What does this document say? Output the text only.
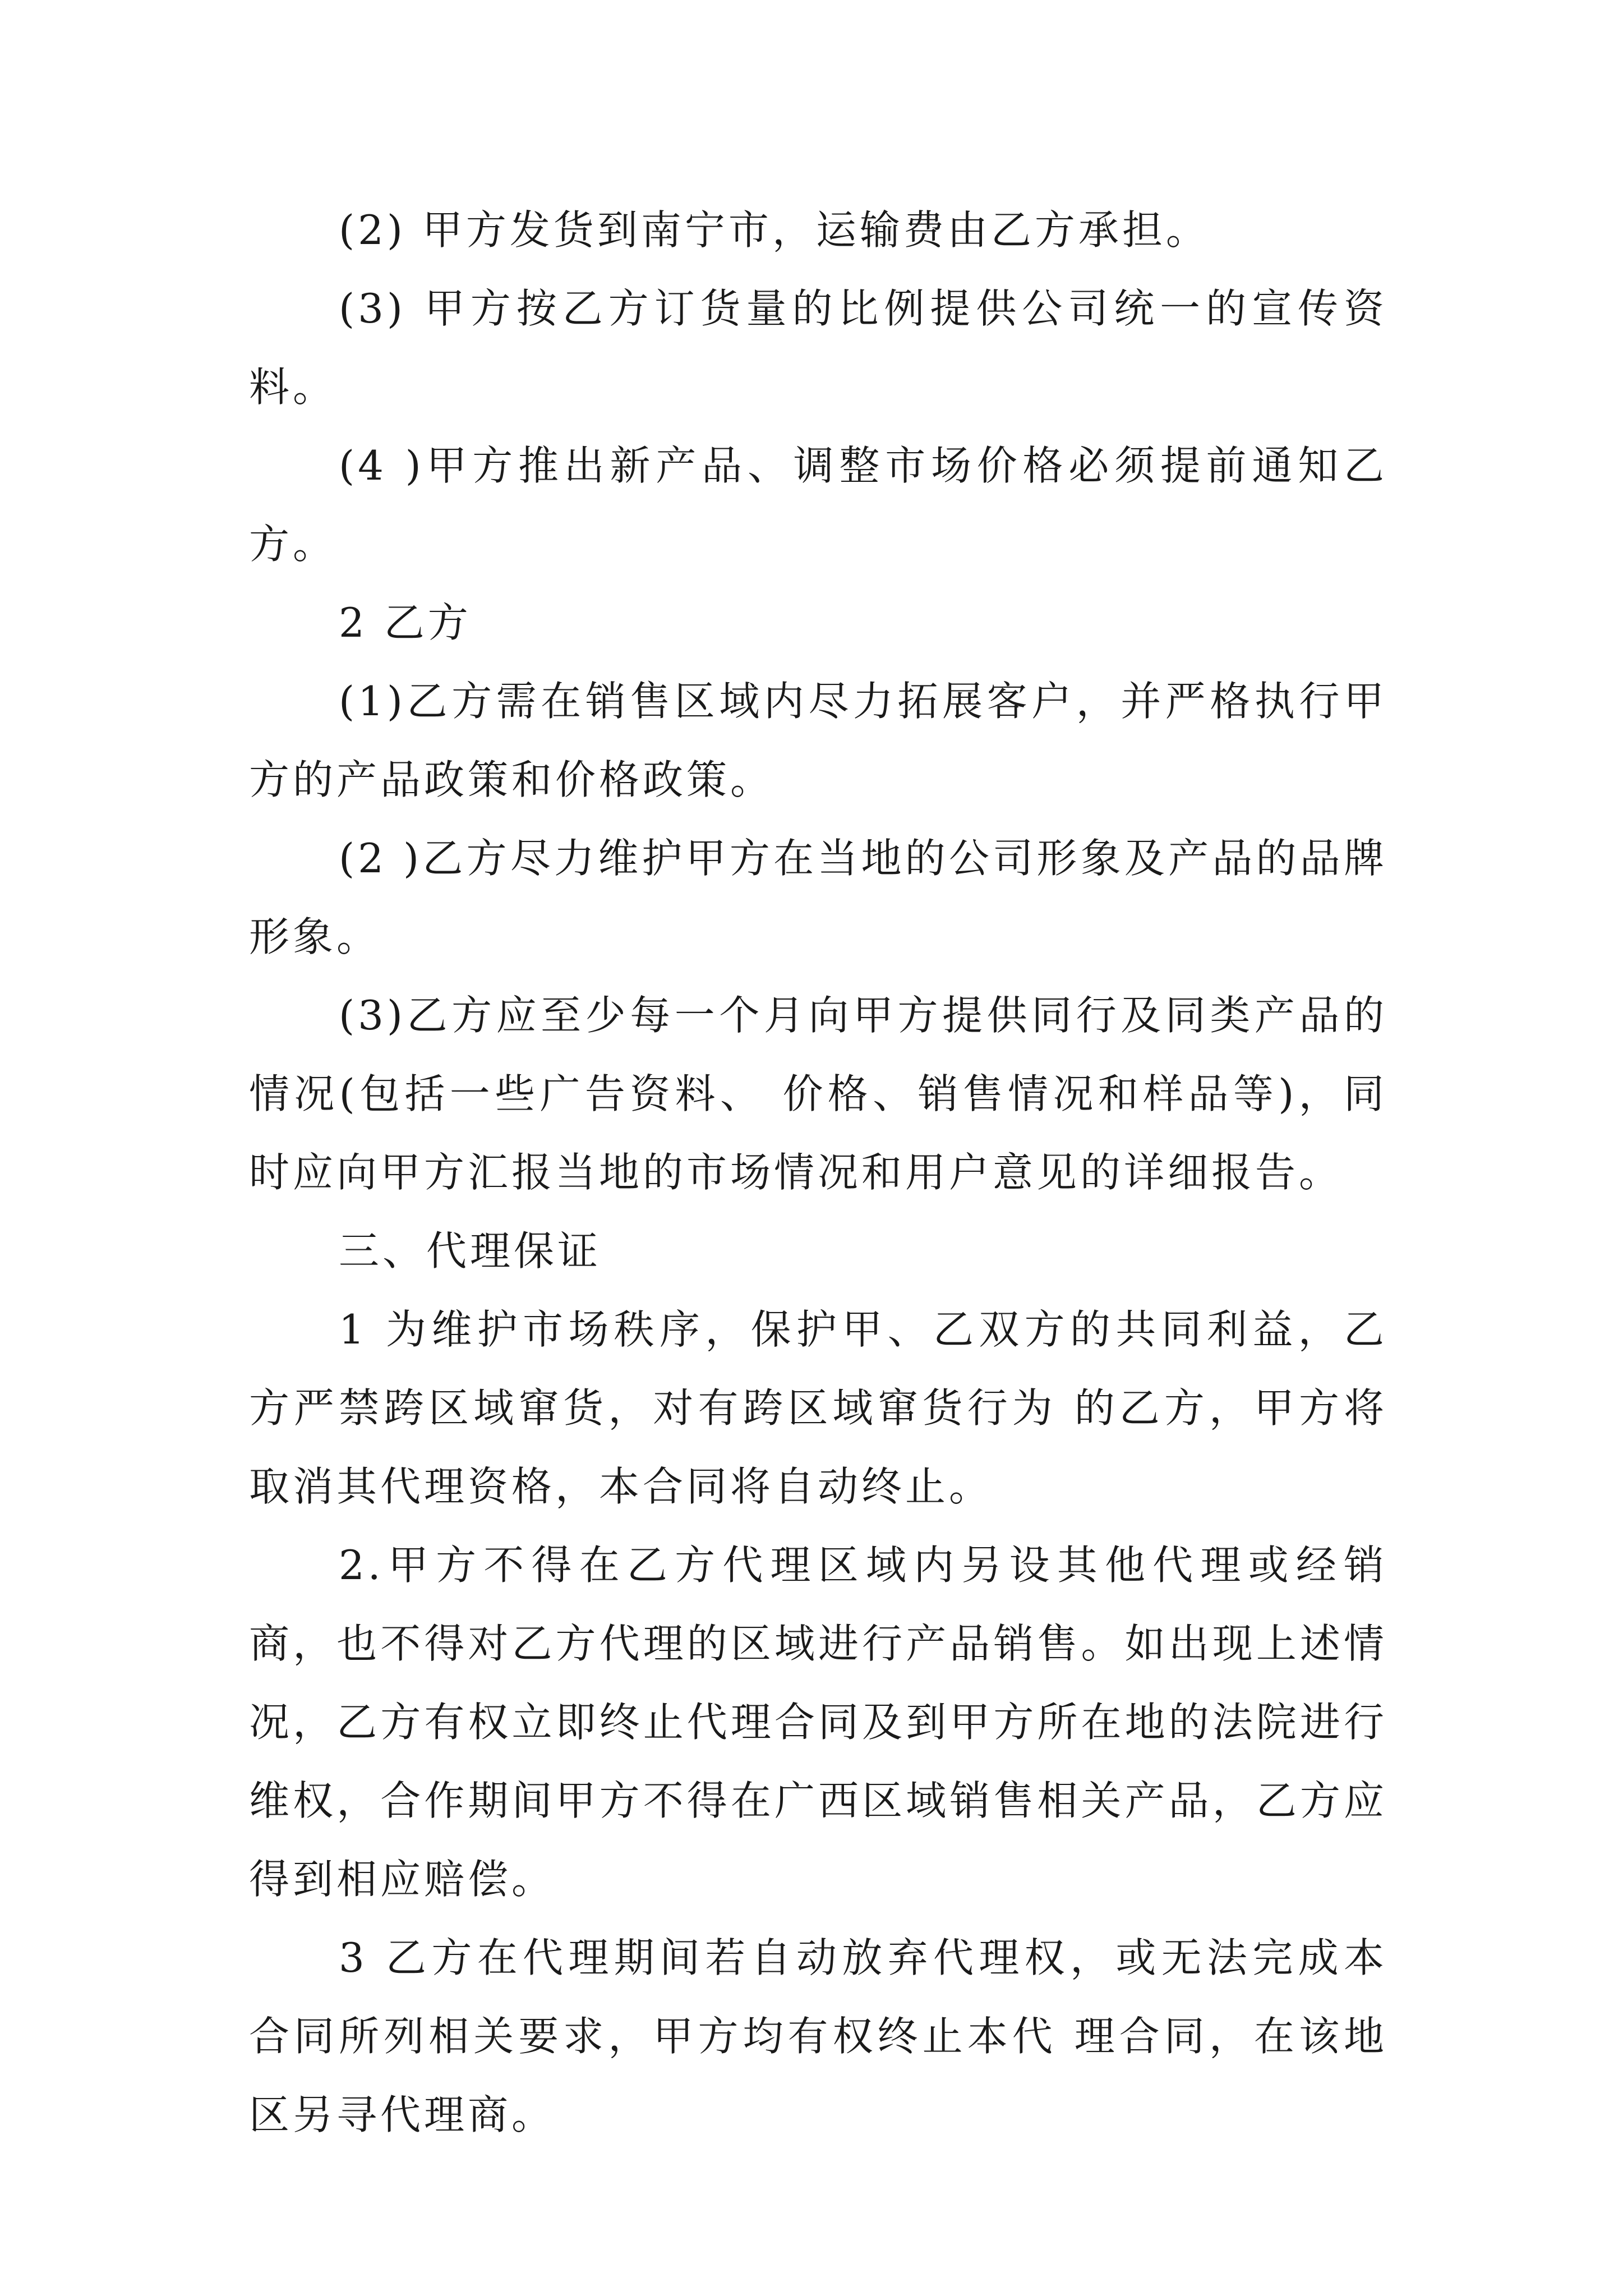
(2) 甲方发货到南宁市，运输费由乙方承担。

(3) 甲方按乙方订货量的比例提供公司统一的宣传资料。

(4 )甲方推出新产品、调整市场价格必须提前通知乙方。

2 乙方

(1)乙方需在销售区域内尽力拓展客户，并严格执行甲方的产品政策和价格政策。

(2 )乙方尽力维护甲方在当地的公司形象及产品的品牌形象。

(3)乙方应至少每一个月向甲方提供同行及同类产品的情况(包括一些广告资料、 价格、销售情况和样品等)，同时应向甲方汇报当地的市场情况和用户意见的详细报告。

三、代理保证

1 为维护市场秩序，保护甲、乙双方的共同利益，乙方严禁跨区域窜货，对有跨区域窜货行为 的乙方，甲方将取消其代理资格，本合同将自动终止。

2.甲方不得在乙方代理区域内另设其他代理或经销商，也不得对乙方代理的区域进行产品销售。如出现上述情况，乙方有权立即终止代理合同及到甲方所在地的法院进行维权，合作期间甲方不得在广西区域销售相关产品，乙方应得到相应赔偿。

3 乙方在代理期间若自动放弃代理权，或无法完成本合同所列相关要求，甲方均有权终止本代 理合同，在该地区另寻代理商。
